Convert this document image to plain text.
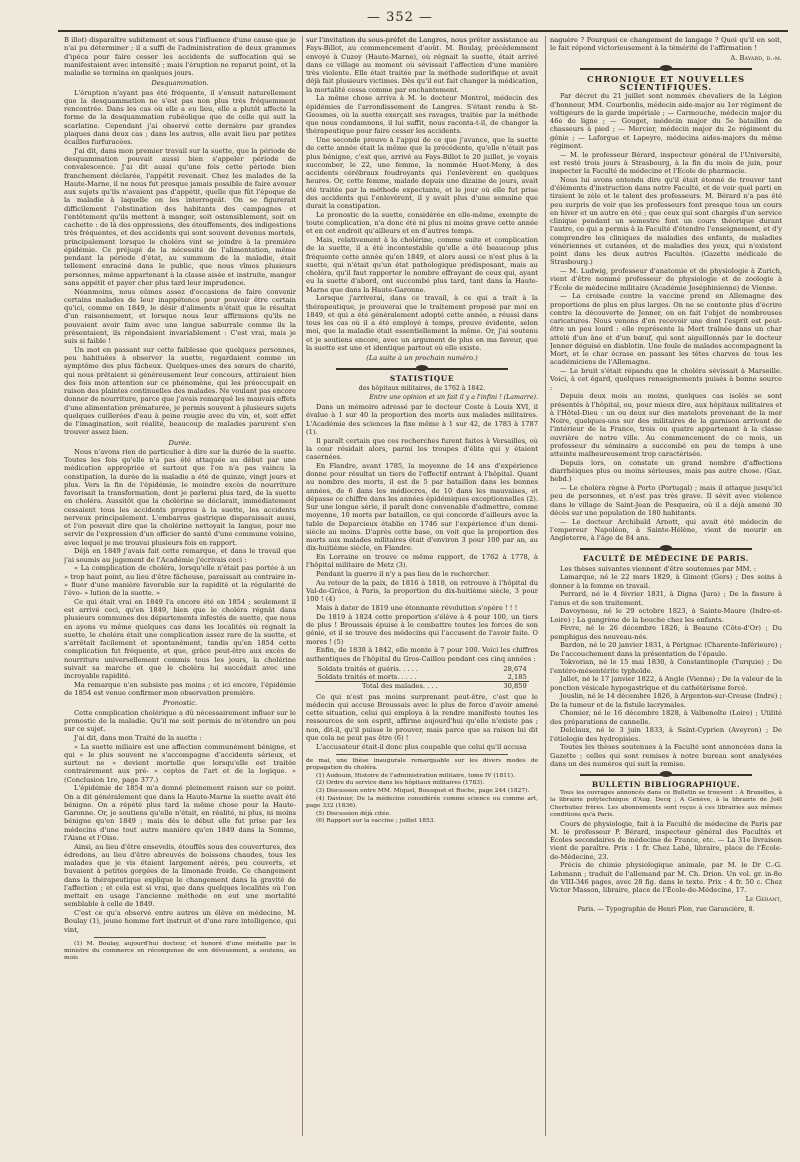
— 352 —

B illot) disparaître subitement et sous l'influence d'une cause que je n'ai pu déterminer ; il a suffi de l'administration de deux grammes d'ipéca pour faire cesser les accidents de suffocation qui se manifestaient avec intensité ; mais l'éruption ne reparut point, et la maladie se termina en quelques jours.

Desquammation.

L'éruption n'ayant pas été fréquente, il s'ensuit naturellement que la desquammation ne s'est pas non plus très fréquemment rencontrée. Dans les cas où elle a eu lieu, elle a plutôt affecté la forme de la desquammation rubéolique que de celle qui suit la scarlatine. Cependant j'ai observé cette dernière par grandes plaques dans deux cas ; dans les autres, elle avait lieu par petites écailles furfuracées.

J'ai dit, dans mon premier travail sur la suette, que la période de desquammation pouvait aussi bien s'appeler période de convalescence. J'ai dit aussi qu'une fois cette période bien franchement déclarée, l'appétit revenait. Chez les malades de la Haute-Marne, il ne nous fut presque jamais possible de faire avouer aux sujets qu'ils n'avaient pas d'appétit, quelle que fût l'époque de la maladie à laquelle on les interrogeât. On se figurerait difficilement l'obstination des habitants des campagnes et l'entêtement qu'ils mettent à manger, soit ostensiblement, soit en cachette : de là des oppressions, des étouffements, des indigestions très fréquentes, et des accidents qui sont souvent devenus mortels, principalement lorsque le choléra vint se joindre à la première épidémie. Ce préjugé de la nécessité de l'alimentation, même pendant la période d'état, au summum de la maladie, était tellement enraciné dans le public, que nous vîmes plusieurs personnes, même appartenant à la classe aisée et instruite, manger sans appétit et payer cher plus tard leur imprudence.

Néanmoins, nous eûmes assez d'occasions de faire convenir certains malades de leur inappétence pour pouvoir être certain qu'ici, comme en 1849, le désir d'aliments n'était que le résultat d'un raisonnement, et lorsque nous leur affirmions qu'ils ne pouvaient avoir faim avec une langue saburrale comme ils la présentaient, ils répondaient invariablement : C'est vrai, mais je suis si faible !

Un mot en passant sur cette faiblesse que quelques personnes, peu habituées à observer la suette, regardaient comme un symptôme des plus fâcheux. Quelques-unes des sœurs de charité, qui nous prêtaient si généreusement leur concours, attiraient bien des fois mon attention sur ce phénomène, qui les préoccupait en raison des plaintes continuelles des malades. Ne voulant pas encore donner de nourriture, parce que j'avais remarqué les mauvais effets d'une alimentation prématurée, je permis souvent à plusieurs sujets quelques cuillerées d'eau à peine rougie avec du vin, et, soit effet de l'imagination, soit réalité, beaucoup de malades parurent s'en trouver assez bien.

Durée.

Nous n'avons rien de particulier à dire sur la durée de la suette. Toutes les fois qu'elle n'a pas été attaquée au début par une médication appropriée et surtout que l'on n'a pas vaincu la constipation, la durée de la maladie a été de quinze, vingt jours et plus. Vers la fin de l'épidémie, le moindre excès de nourriture favorisait la transformation, dont je parlerai plus tard, de la suette en choléra. Aussitôt que la cholérine se déclarait, immédiatement cessaient tous les accidents propres à la suette, les accidents nerveux principalement. L'embarras gastrique disparaissait aussi, et l'on pouvait dire que la cholérine nettoyait la langue, pour me servir de l'expression d'un officier de santé d'une commune voisine, avec lequel je me trouvai plusieurs fois en rapport.

Déjà en 1849 j'avais fait cette remarque, et dans le travail que j'ai soumis au jugement de l'Académie j'écrivais ceci :

« La complication de choléra, lorsqu'elle n'était pas portée à un » trop haut point, au lieu d'être fâcheuse, paraissait au contraire in- » fluer d'une manière favorable sur la rapidité et la régularité de l'évo- » lution de la suette. »

Ce qui était vrai en 1849 l'a encore été en 1854 ; seulement il est arrivé ceci, qu'en 1849, bien que le choléra régnât dans plusieurs communes des départements infestés de suette, que nous en ayons vu même quelques cas dans les localités où régnait la suette, le choléra était une complication assez rare de la suette, et s'arrêtait facilement et spontanément, tandis qu'en 1854 cette complication fut fréquente, et que, grâce peut-être aux excès de nourriture universellement commis tous les jours, la cholérine suivait sa marche et que le choléra lui succédait avec une incroyable rapidité.

Ma remarque n'en subsiste pas moins ; et ici encore, l'épidémie de 1854 est venue confirmer mon observation première.

Pronostic.

Cette complication cholérique a dû nécessairement influer sur le pronostic de la maladie. Qu'il me soit permis de m'étendre un peu sur ce sujet.

J'ai dit, dans mon Traité de la suette :

« La suette miliaire est une affection communément bénigne, et qui » le plus souvent ne s'accompagne d'accidents sérieux, et surtout ne » devient mortelle que lorsqu'elle est traitée contrairement aux pré- » ceptes de l'art et de la logique. » (Conclusion 1re, page 377.)

L'épidémie de 1854 m'a donné pleinement raison sur ce point. On a dit généralement que dans la Haute-Marne la suette avait été bénigne. On a répété plus tard la même chose pour la Haute-Garonne. Or, je soutiens qu'elle n'était, en réalité, ni plus, ni moins bénigne qu'en 1849 ; mais dès le début elle fut prise par les médecins d'une tout autre manière qu'en 1849 dans la Somme, l'Aisne et l'Oise.

Ainsi, au lieu d'être ensevelis, étouffés sous des couvertures, des édredons, au lieu d'être abreuvés de boissons chaudes, tous les malades que je vis étaient largement aérés, peu couverts, et buvaient à petites gorgées de la limonade froide. Ce changement dans la thérapeutique explique le changement dans la gravité de l'affection ; et cela est si vrai, que dans quelques localités où l'on mettait en usage l'ancienne méthode on eut une mortalité semblable à celle de 1849.

C'est ce qu'a observé entre autres un élève en médecine, M. Boulay (1), jeune homme fort instruit et d'une rare intelligence, qui vint,

(1) M. Boulay, aujourd'hui docteur, et honoré d'une médaille par le ministre du commerce en récompense de son dévouement, a soutenu, au mois

sur l'invitation du sous-préfet de Langres, nous prêter assistance au Fays-Billot, au commencement d'août. M. Boulay, précédemment envoyé à Cuzey (Haute-Marne), où régnait la suette, était arrivé dans ce village au moment où sévissait l'affection d'une manière très violente. Elle était traitée par la méthode sudorifique et avait déjà fait plusieurs victimes. Dès qu'il eut fait changer la médication, la mortalité cessa comme par enchantement.

La même chose arriva à M. le docteur Montrol, médecin des épidémies de l'arrondissement de Langres. S'étant rendu à St-Geosmes, où la suette exerçait ses ravages, traitée par la méthode que nous condamnons, il lui suffit, nous raconta-t-il, de changer la thérapeutique pour faire cesser les accidents.

Une seconde preuve à l'appui de ce que j'avance, que la suette de cette année était la même que la précédente, qu'elle n'était pas plus bénigne, c'est que, arrivé au Fays-Billot le 20 juillet, je voyais succomber, le 22, une femme, la nommée Huot-Mony, à des accidents cérébraux foudroyants qui l'enlevèrent en quelques heures. Or, cette femme, malade depuis une dizaine de jours, avait été traitée par la méthode expectante, et le jour où elle fut prise des accidents qui l'enlevèrent, il y avait plus d'une semaine que durait la constipation.

Le pronostic de la suette, considérée en elle-même, exempte de toute complication, n'a donc été ni plus ni moins grave cette année et en cet endroit qu'ailleurs et en d'autres temps.

Mais, relativement à la cholérine, comme suite et complication de la suette, il a été incontestable qu'elle a été beaucoup plus fréquente cette année qu'en 1849, et alors aussi ce n'est plus à la suette, qui n'était qu'un état pathologique prédisposant, mais au choléra, qu'il faut rapporter le nombre effrayant de ceux qui, ayant eu la suette d'abord, ont succombé plus tard, tant dans la Haute-Marne que dans la Haute-Garonne.

Lorsque j'arriverai, dans ce travail, à ce qui a trait à la thérapeutique, je prouverai que le traitement proposé par moi en 1849, et qui a été généralement adopté cette année, a réussi dans tous les cas où il a été employé à temps, preuve évidente, selon moi, que la maladie était essentiellement la même. Or, j'ai soutenu et je soutiens encore, avec un argument de plus en ma faveur, que la suette est une et identique partout où elle existe.

(La suite à un prochain numéro.)
STATISTIQUE
des hôpitaux militaires, de 1762 à 1842.
Entre une opinion et un fait il y a l'infini ! (Lamarre).

Dans un mémoire adressé par le docteur Coste à Louis XVI, il évalue à 1 sur 40 la proportion des morts aux malades militaires. L'Académie des sciences la fixe même à 1 sur 42, de 1783 à 1787 (1).

Il paraît certain que ces recherches furent faites à Versailles, où la cour résidait alors, parmi les troupes d'élite qui y étaient casernées.

En Flandre, avant 1785, la moyenne de 14 ans d'expérience donne pour résultat un tiers de l'effectif entrant à l'hôpital. Quant au nombre des morts, il est de 5 par bataillon dans les bonnes années, de 6 dans les médiocres, de 10 dans les mauvaises, et dépasse ce chiffre dans les années épidémiques exceptionnelles (2). Sur une longue série, il paraît donc convenable d'admettre, comme moyenne, 10 morts par bataillon, ce qui concorde d'ailleurs avec la table de Deparcieux établie en 1746 sur l'expérience d'un demi-siècle au moins. D'après cette base, on voit que la proportion des morts aux malades militaires était d'environ 3 pour 100 par an, au dix-huitième siècle, en Flandre.

En Lorraine on trouve ce même rapport, de 1762 à 1778, à l'hôpital militaire de Metz (3).

Pendant la guerre il n'y a pas lieu de le rechercher.

Au retour de la paix, de 1816 à 1818, on retrouve à l'hôpital du Val-de-Grâce, à Paris, la proportion du dix-huitième siècle, 3 pour 100 ! (4)

Mais à dater de 1819 une étonnante révolution s'opère ! ! !

De 1819 à 1824 cette proportion s'élève à 4 pour 100, un tiers de plus ! Broussais épuise à le combattre toutes les forces de son génie, et il se trouve des médecins qui l'accusent de l'avoir faite. O mores ! (5)

Enfin, de 1838 à 1842, elle monte à 7 pour 100. Voici les chiffres authentiques de l'hôpital du Gros-Caillou pendant ces cinq années :

Soldats traités et guéris. . . . .	28,674
Soldats traités et morts. . . . .	2,185
Total des malades. . . .	30,859

Ce qui n'est pas moins surprenant peut-être, c'est que le médecin qui accuse Broussais avec le plus de force d'avoir amené cette situation, celui qui employa à la rendre manifeste toutes les ressources de son esprit, affirme aujourd'hui qu'elle n'existe pas ; non, dit-il, qu'il puisse le prouver, mais parce que sa raison lui dit que cela ne peut pas être (6) !

L'accusateur était-il donc plus coupable que celui qu'il accusa

de mai, une thèse inaugurale remarquable sur les divers modes de propagation du choléra.

(1) Audouin, Histoire de l'administration militaire, tome IV (1811).

(2) Ordre du service dans les hôpitaux militaires (1783).

(3) Discussion entre MM. Miquel, Bousquet et Roche, page 244 (1827).

(4) Davinier, De la médecine considérée comme science ou comme art, page 332 (1836).

(5) Discussion déjà citée.

(6) Rapport sur la vaccine ; juillet 1853.

naguère ? Pourquoi ce changement de langage ? Quoi qu'il en soit, le fait répond victorieusement à la témérité de l'affirmation !

A. Bayard, d.-m.
CHRONIQUE ET NOUVELLES SCIENTIFIQUES.

Par décret du 21 juillet sont nommés chevaliers de la Légion d'honneur, MM. Courbonlis, médecin aide-major au 1er régiment de voltigeurs de la garde impériale ; — Carmouche, médecin major du 46e de ligne ; — Gouget, médecin major du 5e bataillon de chasseurs à pied ; — Mercier, médecin major du 2e régiment du génie ; — Laforgue et Lapeyre, médecins aides-majors du même régiment.

— M. le professeur Bérard, inspecteur général de l'Université, est resté trois jours à Strasbourg, à la fin du mois de juin, pour inspecter la Faculté de médecine et l'École de pharmacie.

Nous lui avons entendu dire qu'il était étonné de trouver tant d'éléments d'instruction dans notre Faculté, et de voir quel parti en tiraient le zèle et le talent des professeurs. M. Bérard n'a pas été peu surpris de voir que les professeurs font presque tous un cours en hiver et un autre en été ; que ceux qui sont chargés d'un service clinique pendant un semestre font un cours théorique durant l'autre, ce qui a permis à la Faculté d'étendre l'enseignement, et d'y comprendre les cliniques de maladies des enfants, de maladies vénériennes et cutanées, et de maladies des yeux, qui n'existent point dans les deux autres Facultés. (Gazette médicale de Strasbourg.)

— M. Ludwig, professeur d'anatomie et de physiologie à Zurich, vient d'être nommé professeur de physiologie et de zoologie à l'École de médecine militaire (Académie Joséphinienne) de Vienne.

— La croisade contre la vaccine prend en Allemagne des proportions de plus en plus larges. On ne se contente plus d'écrire contre la découverte de Jenner, on en fait l'objet de nombreuses caricatures. Nous venons d'en recevoir une dont l'esprit est peut-être un peu lourd : elle représente la Mort traînée dans un char attelé d'un âne et d'un bœuf, qui sont aiguillonnés par le docteur Jenner déguisé en diablotin. Une foule de malades accompagnent la Mort, et le char écrase en passant les têtes charves de tous les académiciens de l'Allemagne.

— Le bruit s'était répandu que le choléra sévissait à Marseille. Voici, à cet égard, quelques renseignements puisés à bonne source :

Depuis deux mois au moins, quelques cas isolés se sont présentés à l'hôpital, ou, pour mieux dire, aux hôpitaux militaires et à l'Hôtel-Dieu : un ou deux sur des matelots provenant de la mer Noire, quelques-uns sur des militaires de la garnison arrivant de l'intérieur de la France, trois ou quatre appartenant à la classe ouvrière de notre ville. Au commencement de ce mois, un professeur du séminaire a succombé en peu de temps à une atteinte malheureusement trop caractérisée.

Depuis lors, on constate un grand nombre d'affections diarrhéiques plus ou moins sérieuses, mais pas autre chose. (Gaz. hebd.)

— Le choléra règne à Porto (Portugal) ; mais il attaque jusqu'ici peu de personnes, et n'est pas très grave. Il sévit avec violence dans le village de Saint-Jean de Pesqueira, où il a déjà amené 30 décès sur une population de 180 habitants.

— Le docteur Archibald Arnott, qui avait été médecin de l'empereur Napoléon, à Sainte-Hélène, vient de mourir en Angleterre, à l'âge de 84 ans.

FACULTÉ DE MÉDECINE DE PARIS.

Les thèses suivantes viennent d'être soutenues par MM. :

Lamarque, né le 22 mars 1829, à Gimont (Gers) ; Des soins à donner à la femme en travail.

Perrard, né le 4 février 1831, à Digna (Jura) ; De la fissure à l'anus et de son traitement.

Davoyneau, né le 29 octobre 1823, à Sainte-Maure (Indre-et-Loire) ; La gangrène de la bouche chez les enfants.

Fèvre, né le 26 décembre 1826, à Beaune (Côte-d'Or) ; Du pemphigus des nouveau-nés.

Bardon, né le 20 janvier 1831, à Pérignac (Charente-Inférieure) ; De l'accouchement dans la présentation de l'épaule.

Tokvorian, né le 15 mai 1830, à Constantinople (Turquie) ; De l'entéro-mésentérite typhoïde.

Jallet, né le 17 janvier 1822, à Angle (Vienne) ; De la valeur de la ponction vésicale hypogastrique et du cathétérisme forcé.

Jouslin, né le 14 décembre 1826, à Argenton-sur-Creuse (Indre) ; De la tumeur et de la fistule lacrymales.

Chomier, né le 16 décembre 1828, à Valbenoîte (Loire) ; Utilité des préparations de cannelle.

Delclaux, né le 3 juin 1833, à Saint-Cyprien (Aveyron) ; De l'étiologie des hydropisies.

Toutes les thèses soutenues à la Faculté sont annoncées dans la Gazette ; celles qui sont remises à notre bureau sont analysées dans un des numéros qui suit la remise.

BULLETIN BIBLIOGRAPHIQUE.

Tous les ouvrages annoncés dans ce Bulletin se trouvent : A Bruxelles, à la librairie polytechnique d'Aug. Decq ; A Genève, à la librairie de Joël Cherbuliez frères. Les abonnements sont reçus à ces librairies aux mêmes conditions qu'à Paris.

Cours de physiologie, fait à la Faculté de médecine de Paris par M. le professeur P. Bérard, inspecteur général des Facultés et Écoles secondaires de médecine de France, etc. — La 31e livraison vient de paraître. Prix : 1 fr. Chez Labé, libraire, place de l'École-de-Médecine, 23.

Précis de chimie physiologique animale, par M. le Dr C.-G. Lehmann ; traduit de l'allemand par M. Ch. Drion. Un vol. gr. in-8o de VIII-346 pages, avec 28 fig. dans le texte. Prix : 4 fr. 50 c. Chez Victor Masson, libraire, place de l'École-de-Médecine, 17.

Le Gérant,
Paris. — Typographie de Henri Plon, rue Garancière, 8.
